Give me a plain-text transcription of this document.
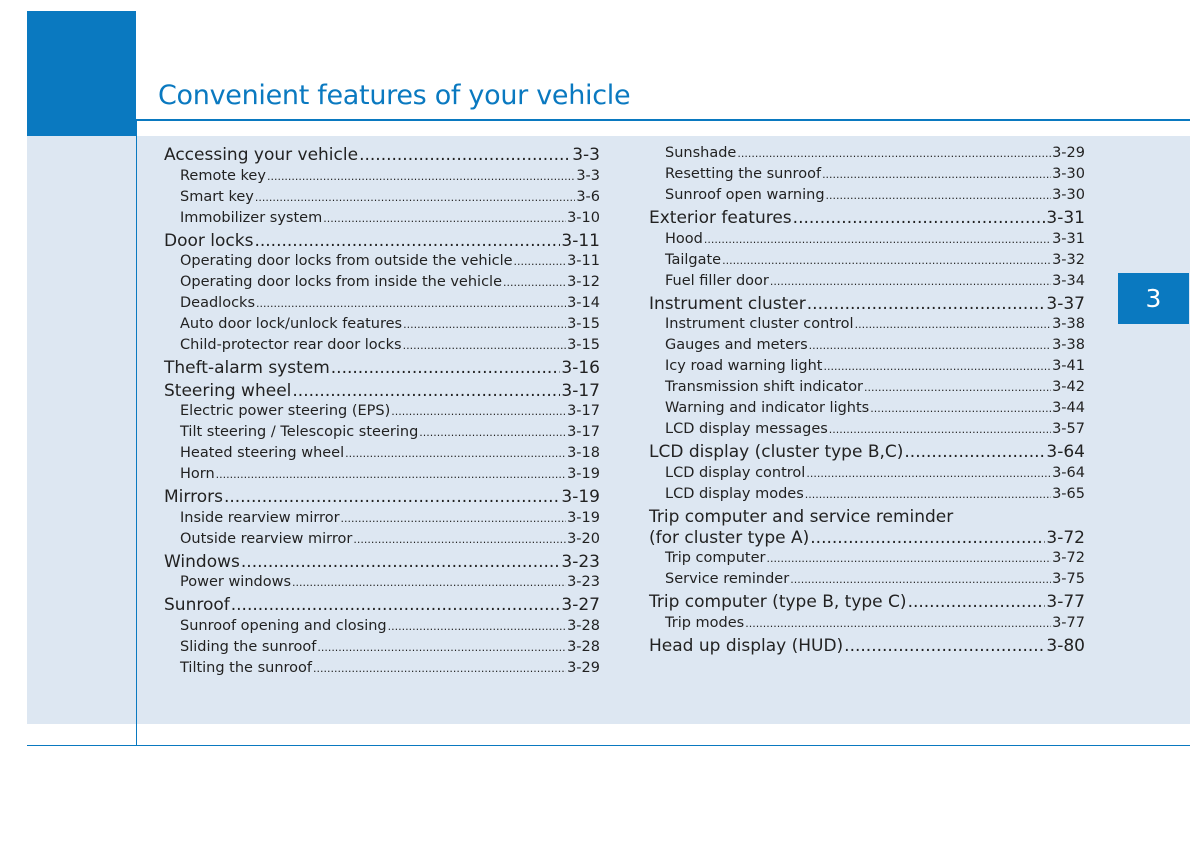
Convenient features of your vehicle
3
Accessing your vehicle .....	3-3
Remote key .....	3-3
Smart key .....	3-6
Immobilizer system .....	3-10
Door locks .....	3-11
Operating door locks from outside the vehicle .....	3-11
Operating door locks from inside the vehicle .....	3-12
Deadlocks .....	3-14
Auto door lock/unlock features .....	3-15
Child-protector rear door locks .....	3-15
Theft-alarm system .....	3-16
Steering wheel .....	3-17
Electric power steering (EPS) .....	3-17
Tilt steering / Telescopic steering .....	3-17
Heated steering wheel .....	3-18
Horn .....	3-19
Mirrors .....	3-19
Inside rearview mirror .....	3-19
Outside rearview mirror .....	3-20
Windows .....	3-23
Power windows .....	3-23
Sunroof .....	3-27
Sunroof opening and closing .....	3-28
Sliding the sunroof .....	3-28
Tilting the sunroof .....	3-29
Sunshade .....	3-29
Resetting the sunroof .....	3-30
Sunroof open warning .....	3-30
Exterior features .....	3-31
Hood .....	3-31
Tailgate .....	3-32
Fuel filler door .....	3-34
Instrument cluster .....	3-37
Instrument cluster control .....	3-38
Gauges and meters .....	3-38
Icy road warning light .....	3-41
Transmission shift indicator .....	3-42
Warning and indicator lights .....	3-44
LCD display messages .....	3-57
LCD display (cluster type B,C) .....	3-64
LCD display control .....	3-64
LCD display modes .....	3-65
Trip computer and service reminder
(for cluster type A) .....	3-72
Trip computer .....	3-72
Service reminder .....	3-75
Trip computer (type B, type C) .....	3-77
Trip modes .....	3-77
Head up display (HUD) .....	3-80
